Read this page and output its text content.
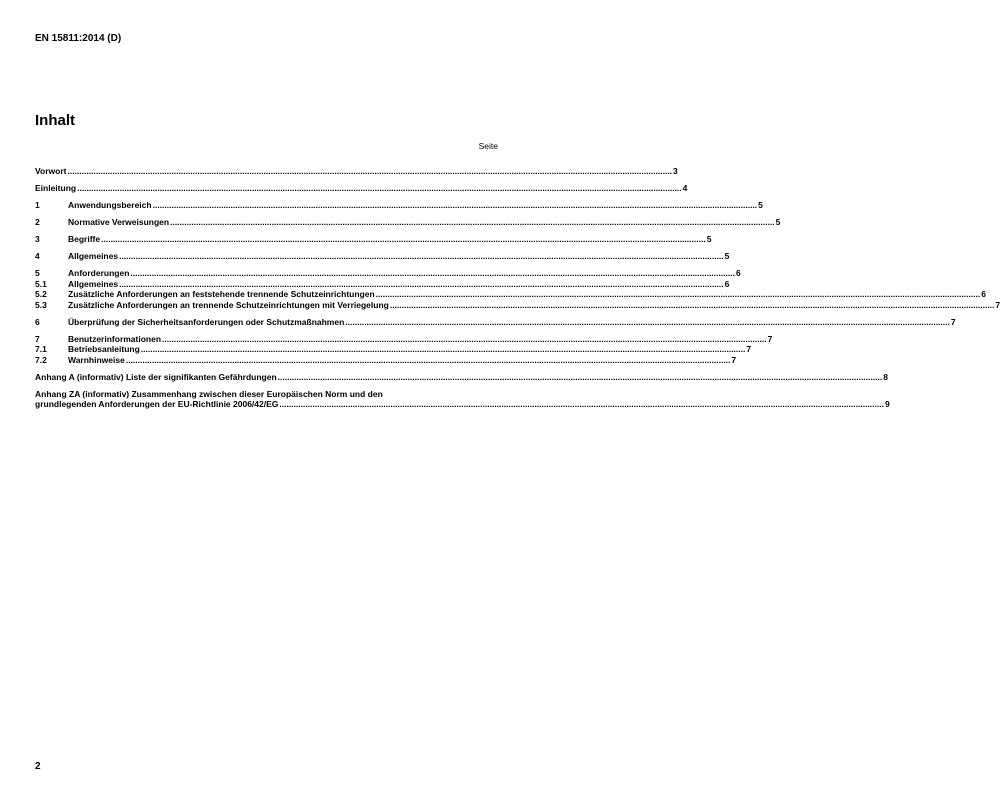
EN 15811:2014 (D)
Inhalt
Seite
Vorwort .....	3
Einleitung .....	4
1	Anwendungsbereich .....	5
2	Normative Verweisungen .....	5
3	Begriffe .....	5
4	Allgemeines .....	5
5	Anforderungen .....	6
5.1	Allgemeines .....	6
5.2	Zusätzliche Anforderungen an feststehende trennende Schutzeinrichtungen .....	6
5.3	Zusätzliche Anforderungen an trennende Schutzeinrichtungen mit Verriegelung .....	7
6	Überprüfung der Sicherheitsanforderungen oder Schutzmaßnahmen .....	7
7	Benutzerinformationen .....	7
7.1	Betriebsanleitung .....	7
7.2	Warnhinweise .....	7
Anhang A (informativ) Liste der signifikanten Gefährdungen .....	8
Anhang ZA (informativ) Zusammenhang zwischen dieser Europäischen Norm und den
grundlegenden Anforderungen der EU-Richtlinie 2006/42/EG .....	9
2
